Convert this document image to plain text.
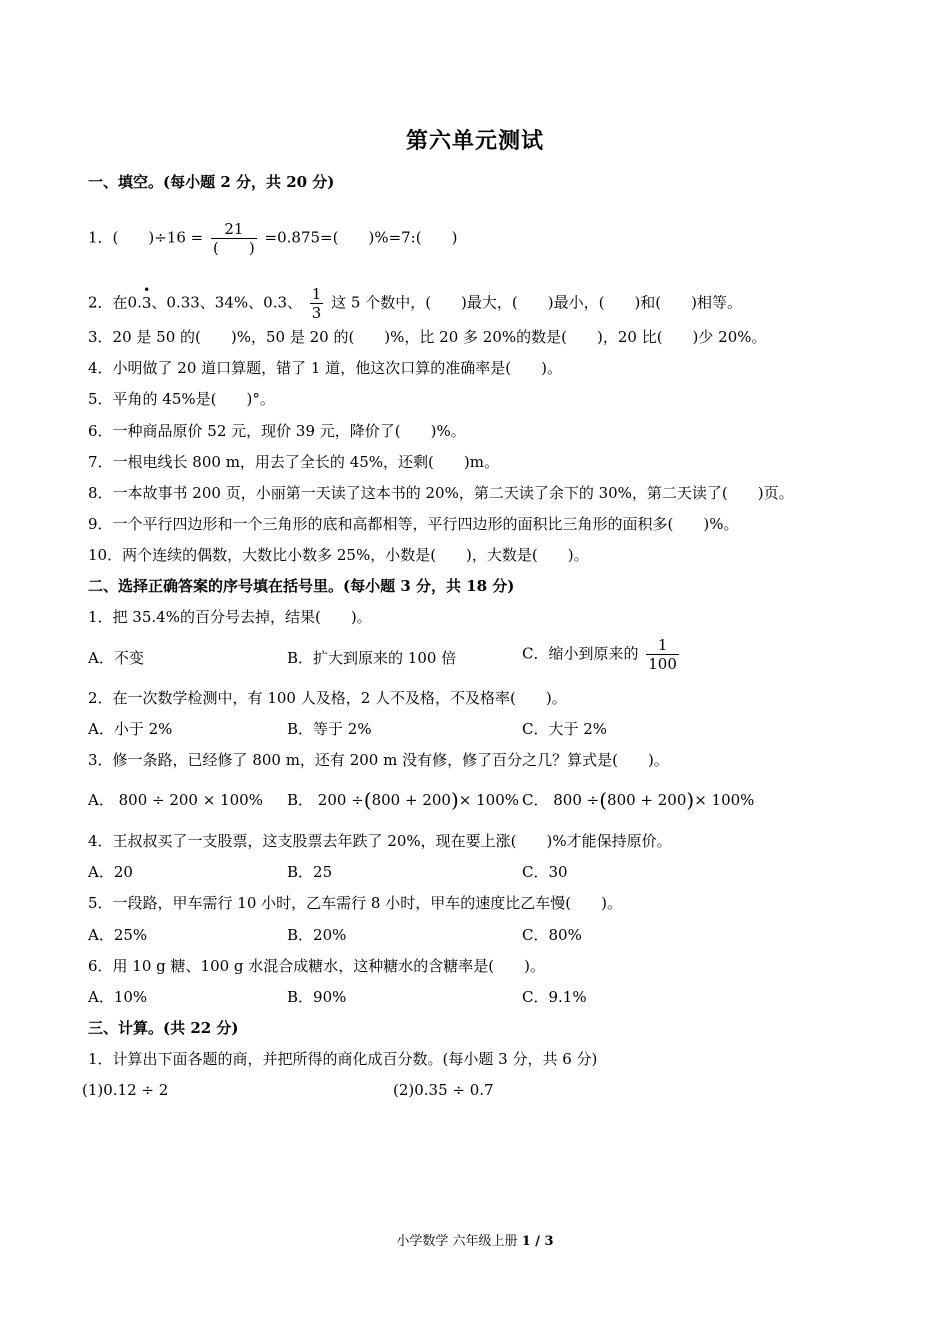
第六单元测试
一、填空。(每小题 2 分，共 20 分)
1．(　　)$\div 16 = \frac{21}{( )} =0.875=$(　　)%=7:(　　)
2．在0.
•
3、0.33、34%、0.3、 $\frac{1}{3}$ 这 5 个数中，(　　)最大，(　　)最小，(　　)和(　　)相等。
3．20 是 50 的(　　)%，50 是 20 的(　　)%，比 20 多 20%的数是(　　)，20 比(　　)少 20%。
4．小明做了 20 道口算题，错了 1 道，他这次口算的准确率是(　　)。
5．平角的 45%是(　　)°。
6．一种商品原价 52 元，现价 39 元，降价了(　　)%。
7．一根电线长 800 m，用去了全长的 45%，还剩(　　)m。
8．一本故事书 200 页，小丽第一天读了这本书的 20%，第二天读了余下的 30%，第二天读了(　　)页。
9．一个平行四边形和一个三角形的底和高都相等，平行四边形的面积比三角形的面积多(　　)%。
10．两个连续的偶数，大数比小数多 25%，小数是(　　)，大数是(　　)。
二、选择正确答案的序号填在括号里。(每小题 3 分，共 18 分)
1．把 35.4%的百分号去掉，结果(　　)。
A．不变	B．扩大到原来的 100 倍	C．缩小到原来的 $\frac{1}{100}$
2．在一次数学检测中，有 100 人及格，2 人不及格，不及格率(　　)。
A．小于 2%	B．等于 2%	C．大于 2%
3．修一条路，已经修了 800 m，还有 200 m 没有修，修了百分之几？算式是(　　)。
A． 800 ÷ 200 × 100% B． 200 ÷(800 + 200)× 100% C． 800 ÷(800 + 200)× 100%
4．王叔叔买了一支股票，这支股票去年跌了 20%，现在要上涨(　　)%才能保持原价。
A．20	B．25	C．30
5．一段路，甲车需行 10 小时，乙车需行 8 小时，甲车的速度比乙车慢(　　)。
A．25%	B．20%	C．80%
6．用 10 g 糖、100 g 水混合成糖水，这种糖水的含糖率是(　　)。
A．10%	B．90%	C．9.1%
三、计算。(共 22 分)
1．计算出下面各题的商，并把所得的商化成百分数。(每小题 3 分，共 6 分)
(1)0.12 ÷ 2	(2)0.35 ÷ 0.7
小学数学 六年级上册 1 / 3
